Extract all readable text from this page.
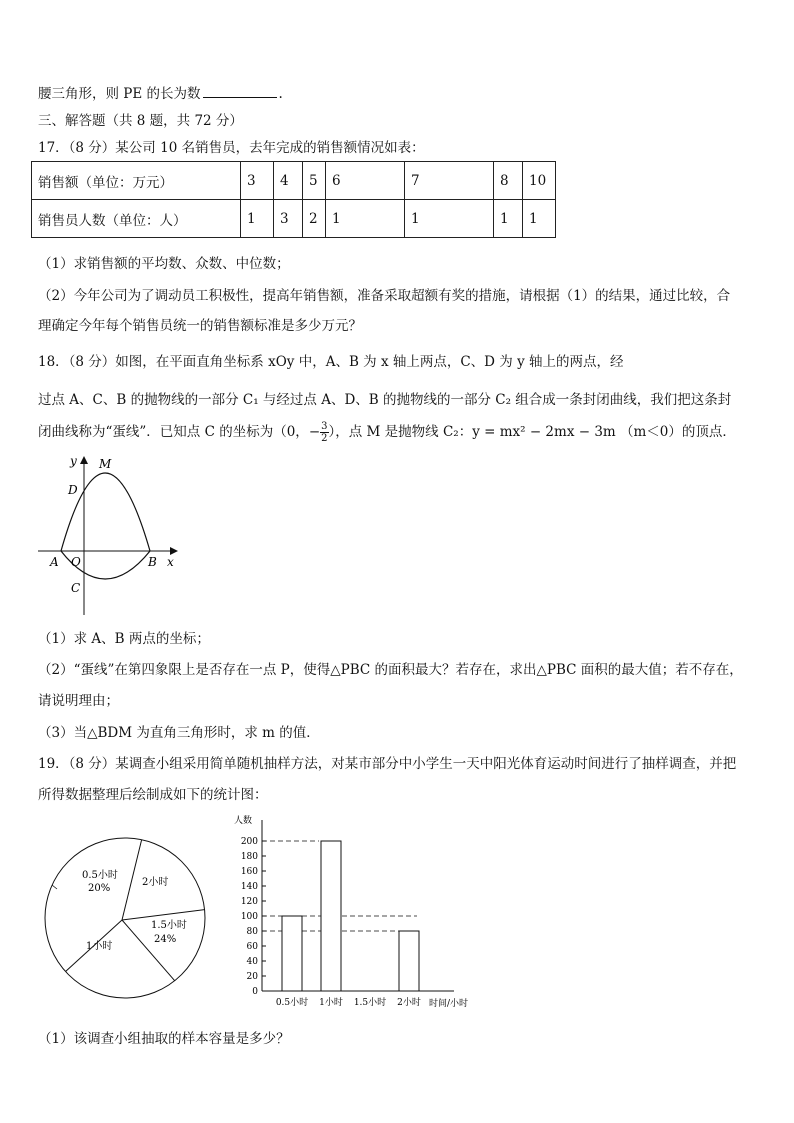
腰三角形，则 PE 的长为数	.
三、解答题（共 8 题，共 72 分）
17．（8 分）某公司 10 名销售员，去年完成的销售额情况如表：
销售额（单位：万元）	3	4	5	6	7	8	10
销售员人数（单位：人）	1	3	2	1	1	1	1
（1）求销售额的平均数、众数、中位数；
（2）今年公司为了调动员工积极性，提高年销售额，准备采取超额有奖的措施，请根据（1）的结果，通过比较，合
理确定今年每个销售员统一的销售额标准是多少万元？
18．（8 分）如图，在平面直角坐标系 xOy 中，A、B 为 x 轴上两点，C、D 为 y 轴上的两点，经
过点 A、C、B 的抛物线的一部分 C₁ 与经过点 A、D、B 的抛物线的一部分 C₂ 组合成一条封闭曲线，我们把这条封
闭曲线称为“蛋线”．已知点 C 的坐标为（0，− $\frac{3}{2}$ ），点 M 是抛物线 C₂：y = mx² − 2mx − 3m （m＜0）的顶点．
y M
D
A O	B x
C
（1）求 A、B 两点的坐标；
（2）“蛋线”在第四象限上是否存在一点 P，使得△PBC 的面积最大？若存在，求出△PBC 面积的最大值；若不存在，
请说明理由；
（3）当△BDM 为直角三角形时，求 m 的值．
19．（8 分）某调查小组采用简单随机抽样方法，对某市部分中小学生一天中阳光体育运动时间进行了抽样调查，并把
所得数据整理后绘制成如下的统计图：
0.5小时
20%
2小时
1.5小时
24%
1小时
人数
0
20
40
60
80
100
120
140
160
180
200
0.5小时 1小时 1.5小时 2小时 时间/小时
（1）该调查小组抽取的样本容量是多少？
